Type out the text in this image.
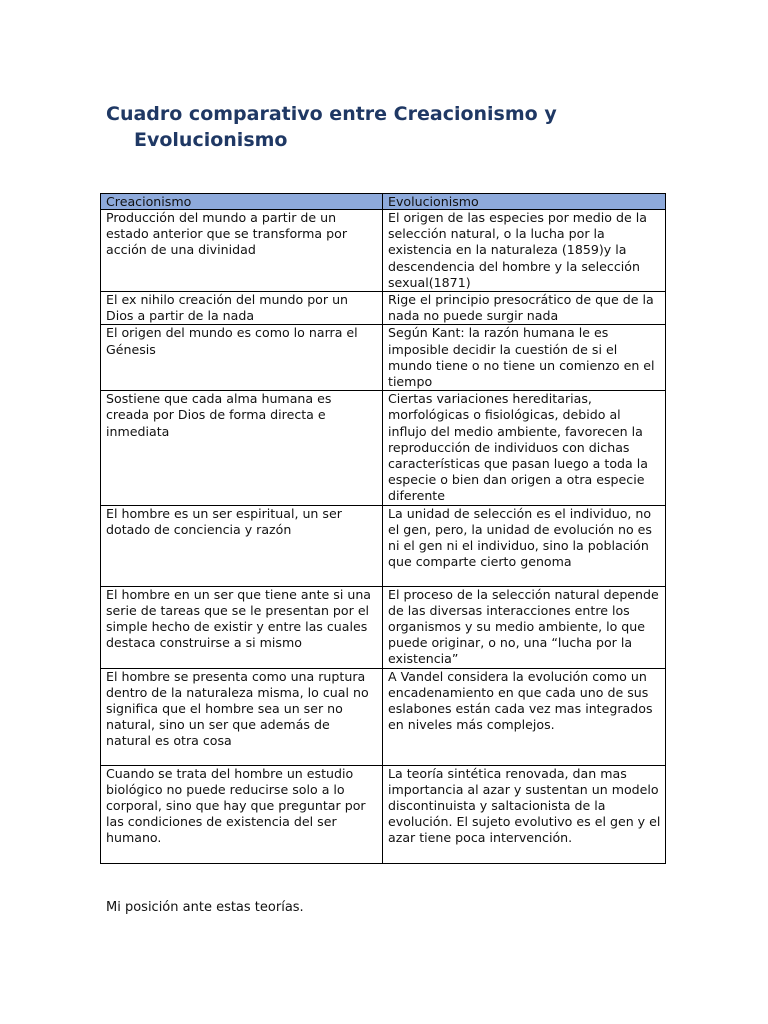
Cuadro comparativo entre Creacionismo y
Evolucionismo
Creacionismo	Evolucionismo
Producción del mundo a partir de un estado anterior que se transforma por acción de una divinidad	El origen de las especies por medio de la selección natural, o la lucha por la existencia en la naturaleza (1859)y la descendencia del hombre y la selección sexual(1871)
El ex nihilo creación del mundo por un Dios a partir de la nada	Rige el principio presocrático de que de la nada no puede surgir nada
El origen del mundo es como lo narra el Génesis	Según Kant: la razón humana le es imposible decidir la cuestión de si el mundo tiene o no tiene un comienzo en el tiempo
Sostiene que cada alma humana es creada por Dios de forma directa e inmediata	Ciertas variaciones hereditarias, morfológicas o fisiológicas, debido al influjo del medio ambiente, favorecen la reproducción de individuos con dichas características que pasan luego a toda la especie o bien dan origen a otra especie diferente
El hombre es un ser espiritual, un ser dotado de conciencia y razón	La unidad de selección es el individuo, no el gen, pero, la unidad de evolución no es ni el gen ni el individuo, sino la población que comparte cierto genoma
El hombre en un ser que tiene ante si una serie de tareas que se le presentan por el simple hecho de existir y entre las cuales destaca construirse a si mismo	El proceso de la selección natural depende de las diversas interacciones entre los organismos y su medio ambiente, lo que puede originar, o no, una “lucha por la existencia”
El hombre se presenta como una ruptura dentro de la naturaleza misma, lo cual no significa que el hombre sea un ser no natural, sino un ser que además de natural es otra cosa	A Vandel considera la evolución como un encadenamiento en que cada uno de sus eslabones están cada vez mas integrados en niveles más complejos.
Cuando se trata del hombre un estudio biológico no puede reducirse solo a lo corporal, sino que hay que preguntar por las condiciones de existencia del ser humano.	La teoría sintética renovada, dan mas importancia al azar y sustentan un modelo discontinuista y saltacionista de la evolución. El sujeto evolutivo es el gen y el azar tiene poca intervención.

Mi posición ante estas teorías.
